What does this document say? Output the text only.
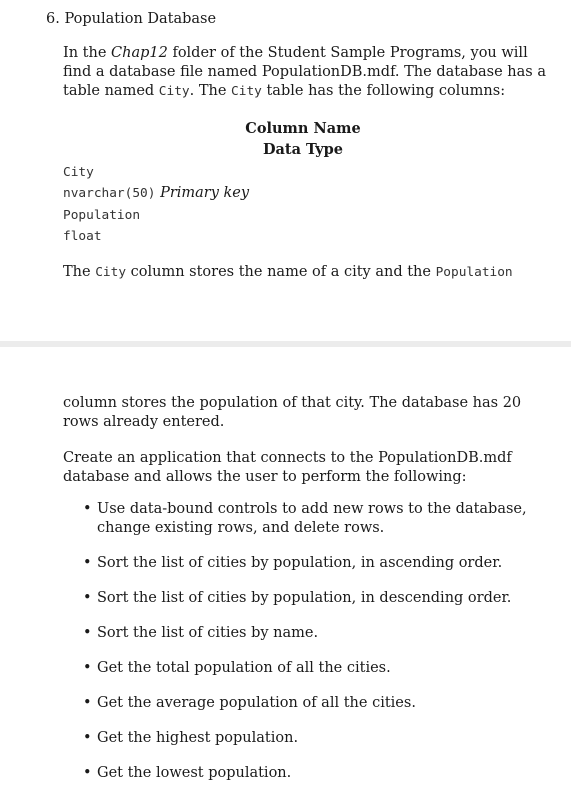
6. Population Database
In the Chap12 folder of the Student Sample Programs, you will find a database file named PopulationDB.mdf. The database has a table named City. The City table has the following columns:
Column Name
Data Type
City
nvarchar(50) Primary key
Population
float
The City column stores the name of a city and the Population
column stores the population of that city. The database has 20 rows already entered.
Create an application that connects to the PopulationDB.mdf database and allows the user to perform the following:
• Use data-bound controls to add new rows to the database, change existing rows, and delete rows.
• Sort the list of cities by population, in ascending order.
• Sort the list of cities by population, in descending order.
• Sort the list of cities by name.
• Get the total population of all the cities.
• Get the average population of all the cities.
• Get the highest population.
• Get the lowest population.
